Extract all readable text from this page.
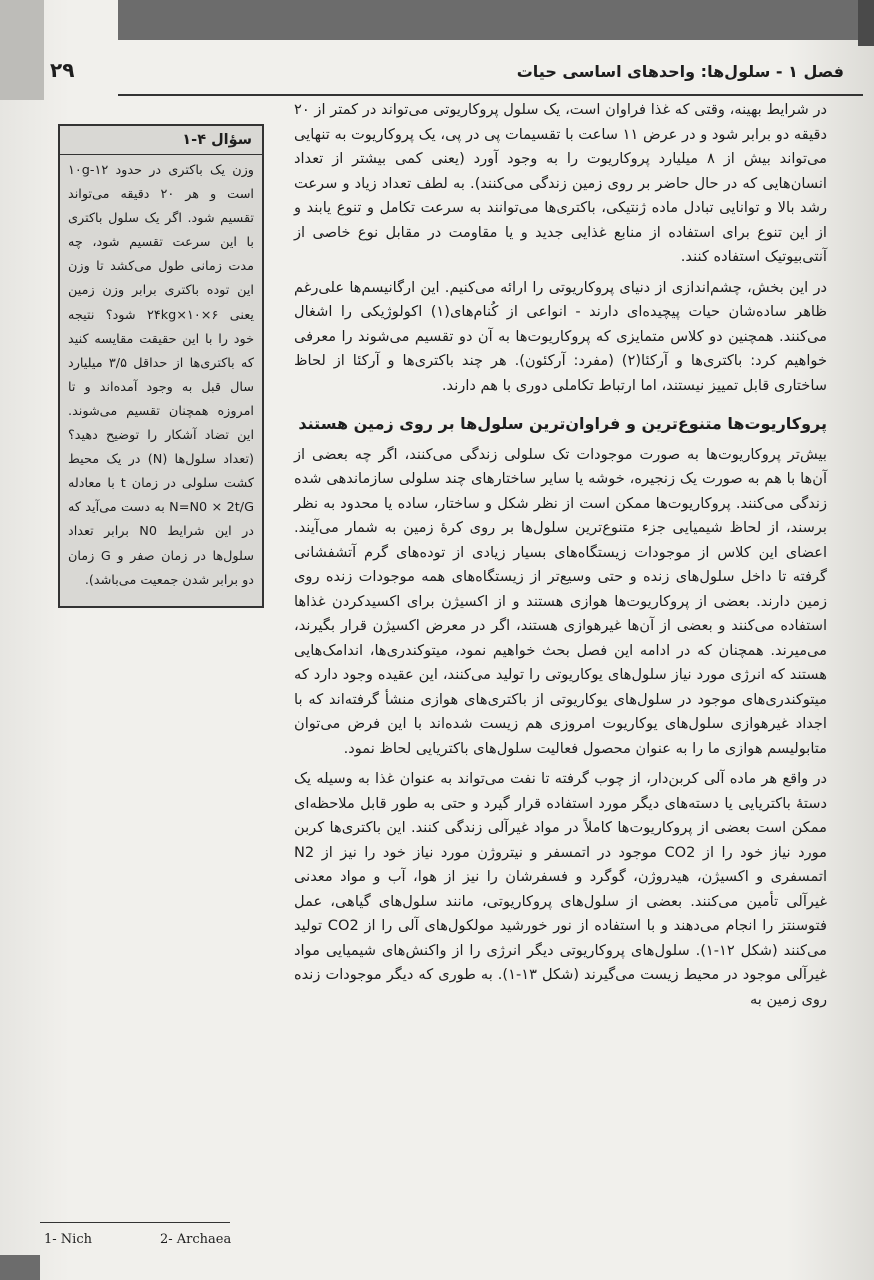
۲۹	فصل ۱ - سلول‌ها: واحدهای اساسی حیات
سؤال ۴-۱
وزن یک باکتری در حدود ۱۲-۱۰g است و هر ۲۰ دقیقه می‌تواند تقسیم شود. اگر یک سلول باکتری با این سرعت تقسیم شود، چه مدت زمانی طول می‌کشد تا وزن این توده باکتری برابر وزن زمین یعنی ۲۴kg×۱۰×۶ شود؟ نتیجه خود را با این حقیقت مقایسه کنید که باکتری‌ها از حداقل ۳/۵ میلیارد سال قبل به وجود آمده‌اند و تا امروزه همچنان تقسیم می‌شوند. این تضاد آشکار را توضیح دهید؟ (تعداد سلول‌ها (N) در یک محیط کشت سلولی در زمان t با معادله N=N0 × 2t/G به دست می‌آید که در این شرایط N0 برابر تعداد سلول‌ها در زمان صفر و G زمان دو برابر شدن جمعیت می‌باشد).

در شرایط بهینه، وقتی که غذا فراوان است، یک سلول پروکاریوتی می‌تواند در کمتر از ۲۰ دقیقه دو برابر شود و در عرض ۱۱ ساعت با تقسیمات پی در پی، یک پروکاریوت به تنهایی می‌تواند بیش از ۸ میلیارد پروکاریوت را به وجود آورد (یعنی کمی بیشتر از تعداد انسان‌هایی که در حال حاضر بر روی زمین زندگی می‌کنند). به لطف تعداد زیاد و سرعت رشد بالا و توانایی تبادل ماده ژنتیکی، باکتری‌ها می‌توانند به سرعت تکامل و تنوع یابند و از این تنوع برای استفاده از منابع غذایی جدید و یا مقاومت در مقابل نوع خاصی از آنتی‌بیوتیک استفاده کنند.

در این بخش، چشم‌اندازی از دنیای پروکاریوتی را ارائه می‌کنیم. این ارگانیسم‌ها علی‌رغم ظاهر ساده‌شان حیات پیچیده‌ای دارند - انواعی از کُنام‌های(۱) اکولوژیکی را اشغال می‌کنند. همچنین دو کلاس متمایزی که پروکاریوت‌ها به آن دو تقسیم می‌شوند را معرفی خواهیم کرد: باکتری‌ها و آرکئا(۲) (مفرد: آرکئون). هر چند باکتری‌ها و آرکئا از لحاظ ساختاری قابل تمییز نیستند، اما ارتباط تکاملی دوری با هم دارند.

پروکاریوت‌ها متنوع‌ترین و فراوان‌ترین سلول‌ها بر روی زمین هستند

بیش‌تر پروکاریوت‌ها به صورت موجودات تک سلولی زندگی می‌کنند، اگر چه بعضی از آن‌ها با هم به صورت یک زنجیره، خوشه یا سایر ساختارهای چند سلولی سازماندهی شده زندگی می‌کنند. پروکاریوت‌ها ممکن است از نظر شکل و ساختار، ساده یا محدود به نظر برسند، از لحاظ شیمیایی جزء متنوع‌ترین سلول‌ها بر روی کرهٔ زمین به شمار می‌آیند. اعضای این کلاس از موجودات زیستگاه‌های بسیار زیادی از توده‌های گرم آتشفشانی گرفته تا داخل سلول‌های زنده و حتی وسیع‌تر از زیستگاه‌های همه موجودات زنده روی زمین دارند. بعضی از پروکاریوت‌ها هوازی هستند و از اکسیژن برای اکسیدکردن غذاها استفاده می‌کنند و بعضی از آن‌ها غیرهوازی هستند، اگر در معرض اکسیژن قرار بگیرند، می‌میرند. همچنان که در ادامه این فصل بحث خواهیم نمود، میتوکندری‌ها، اندامک‌هایی هستند که انرژی مورد نیاز سلول‌های یوکاریوتی را تولید می‌کنند، این عقیده وجود دارد که میتوکندری‌های موجود در سلول‌های یوکاریوتی از باکتری‌های هوازی منشأ گرفته‌اند که با اجداد غیرهوازی سلول‌های یوکاریوت امروزی هم زیست شده‌اند با این فرض می‌توان متابولیسم هوازی ما را به عنوان محصول فعالیت سلول‌های باکتریایی لحاظ نمود.

در واقع هر ماده آلی کربن‌دار، از چوب گرفته تا نفت می‌تواند به عنوان غذا به وسیله یک دستهٔ باکتریایی یا دسته‌های دیگر مورد استفاده قرار گیرد و حتی به طور قابل ملاحظه‌ای ممکن است بعضی از پروکاریوت‌ها کاملاً در مواد غیرآلی زندگی کنند. این باکتری‌ها کربن مورد نیاز خود را از CO2 موجود در اتمسفر و نیتروژن مورد نیاز خود را نیز از N2 اتمسفری و اکسیژن، هیدروژن، گوگرد و فسفرشان را نیز از هوا، آب و مواد معدنی غیرآلی تأمین می‌کنند. بعضی از سلول‌های پروکاریوتی، مانند سلول‌های گیاهی، عمل فتوسنتز را انجام می‌دهند و با استفاده از نور خورشید مولکول‌های آلی را از CO2 تولید می‌کنند (شکل ۱۲-۱). سلول‌های پروکاریوتی دیگر انرژی را از واکنش‌های شیمیایی مواد غیرآلی موجود در محیط زیست می‌گیرند (شکل ۱۳-۱). به طوری که دیگر موجودات زنده روی زمین به

1- Nich	2- Archaea
